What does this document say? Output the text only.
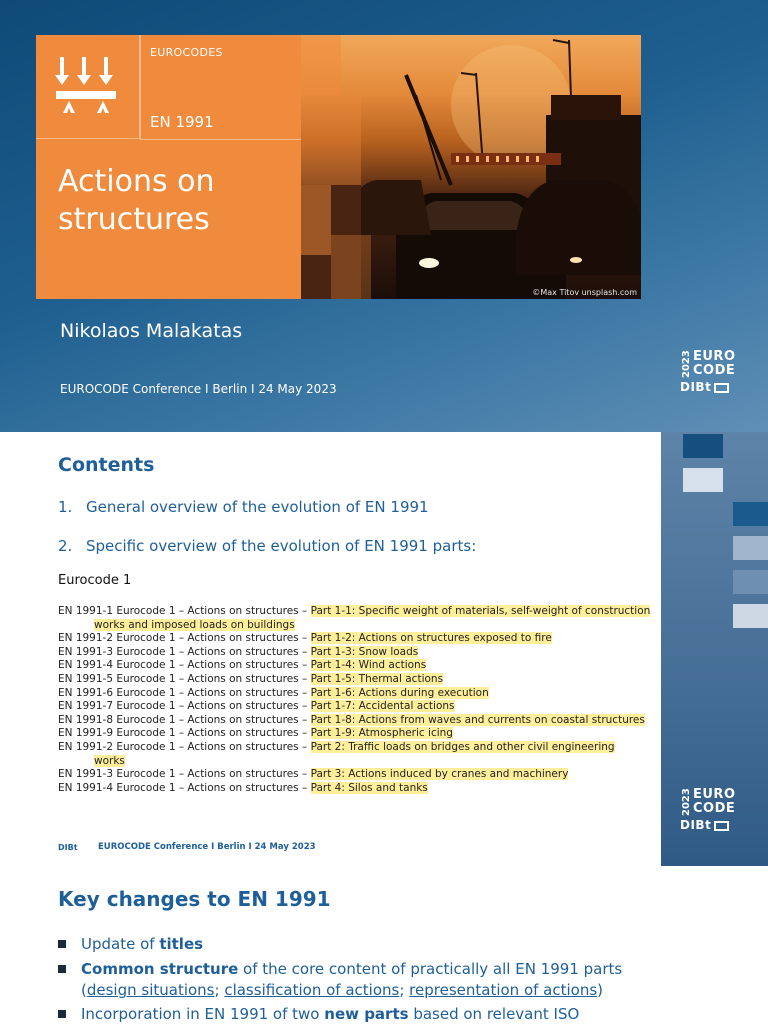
©Max Titov unsplash.com
EUROCODES
EN 1991
Actions on
structures
Nikolaos Malakatas
EUROCODE Conference I Berlin I 24 May 2023
2023 EURO
CODE
DIBt
2023 EURO
CODE
DIBt
Contents
1. General overview of the evolution of EN 1991
2. Specific overview of the evolution of EN 1991 parts:
Eurocode 1
EN 1991-1 Eurocode 1 – Actions on structures – Part 1-1: Specific weight of materials, self-weight of construction
works and imposed loads on buildings
EN 1991-2 Eurocode 1 – Actions on structures – Part 1-2: Actions on structures exposed to fire
EN 1991-3 Eurocode 1 – Actions on structures – Part 1-3: Snow loads
EN 1991-4 Eurocode 1 – Actions on structures – Part 1-4: Wind actions
EN 1991-5 Eurocode 1 – Actions on structures – Part 1-5: Thermal actions
EN 1991-6 Eurocode 1 – Actions on structures – Part 1-6: Actions during execution
EN 1991-7 Eurocode 1 – Actions on structures – Part 1-7: Accidental actions
EN 1991-8 Eurocode 1 – Actions on structures – Part 1-8: Actions from waves and currents on coastal structures
EN 1991-9 Eurocode 1 – Actions on structures – Part 1-9: Atmospheric icing
EN 1991-2 Eurocode 1 – Actions on structures – Part 2: Traffic loads on bridges and other civil engineering
works
EN 1991-3 Eurocode 1 – Actions on structures – Part 3: Actions induced by cranes and machinery
EN 1991-4 Eurocode 1 – Actions on structures – Part 4: Silos and tanks
DIBt EUROCODE Conference I Berlin I 24 May 2023
Key changes to EN 1991
Update of titles
Common structure of the core content of practically all EN 1991 parts
(design situations; classification of actions; representation of actions)
Incorporation in EN 1991 of two new parts based on relevant ISO
